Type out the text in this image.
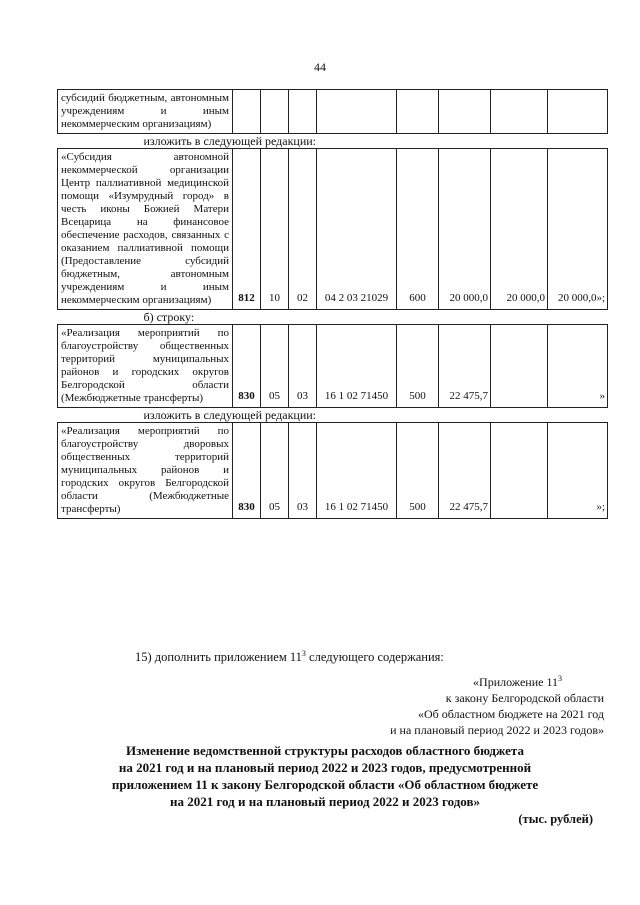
44
субсидий бюджетным, автономным учреждениям и иным некоммерческим организациям)								
изложить в следующей редакции:								
«Субсидия автономной некоммерческой организации Центр паллиативной медицинской помощи «Изумрудный город» в честь иконы Божией Матери Всецарица на финансовое обеспечение расходов, связанных с оказанием паллиативной помощи (Предоставление субсидий бюджетным, автономным учреждениям и иным некоммерческим организациям)	812	10	02	04 2 03 21029	600	20 000,0	20 000,0	20 000,0»;
б) строку:								
«Реализация мероприятий по благоустройству общественных территорий муниципальных районов и городских округов Белгородской области (Межбюджетные трансферты)	830	05	03	16 1 02 71450	500	22 475,7		»
изложить в следующей редакции:								
«Реализация мероприятий по благоустройству дворовых общественных территорий муниципальных районов и городских округов Белгородской области (Межбюджетные трансферты)	830	05	03	16 1 02 71450	500	22 475,7		»;
15) дополнить приложением $11^3$ следующего содержания:
«Приложение $11^3$
к закону Белгородской области
«Об областном бюджете на 2021 год
и на плановый период 2022 и 2023 годов»
Изменение ведомственной структуры расходов областного бюджета
на 2021 год и на плановый период 2022 и 2023 годов, предусмотренной
приложением 11 к закону Белгородской области «Об областном бюджете
на 2021 год и на плановый период 2022 и 2023 годов»
(тыс. рублей)
